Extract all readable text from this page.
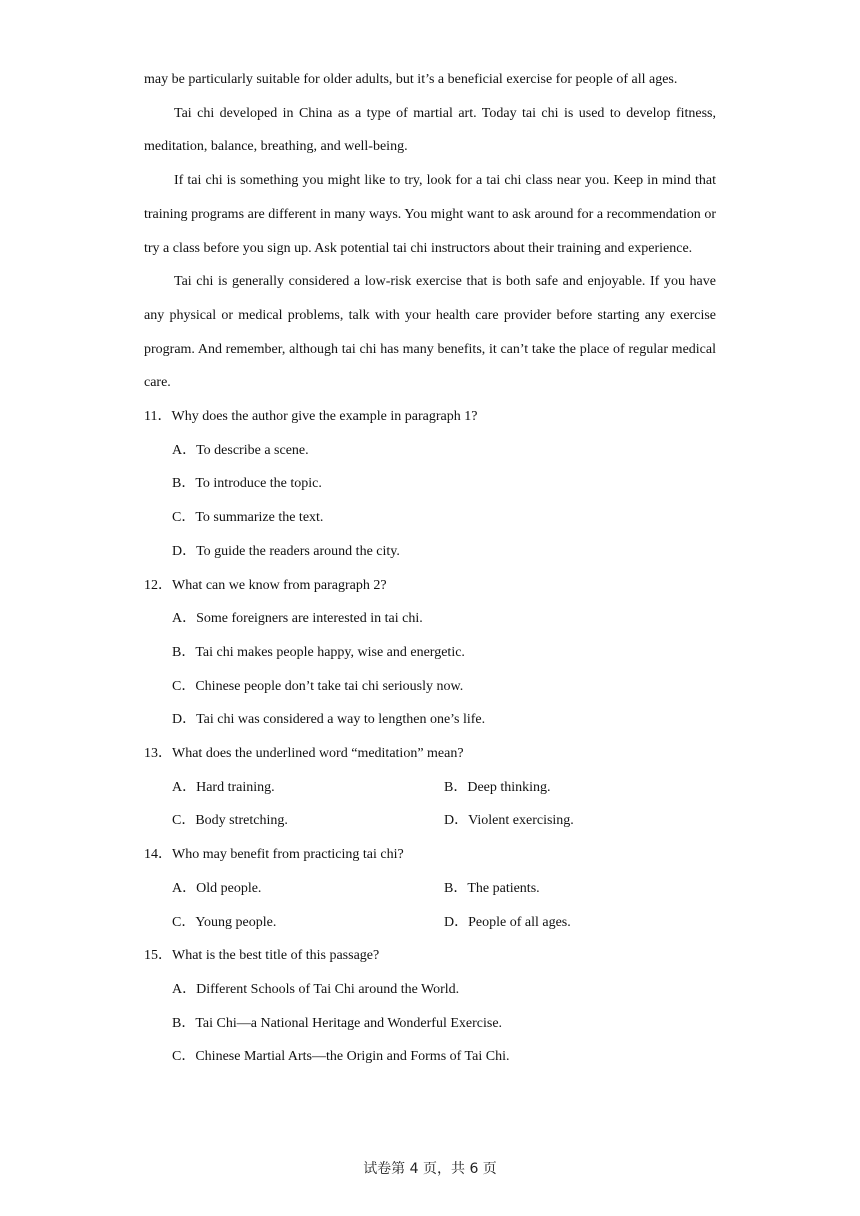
may be particularly suitable for older adults, but it’s a beneficial exercise for people of all ages.

Tai chi developed in China as a type of martial art. Today tai chi is used to develop fitness, meditation, balance, breathing, and well-being.

If tai chi is something you might like to try, look for a tai chi class near you. Keep in mind that training programs are different in many ways. You might want to ask around for a recommendation or try a class before you sign up. Ask potential tai chi instructors about their training and experience.

Tai chi is generally considered a low-risk exercise that is both safe and enjoyable. If you have any physical or medical problems, talk with your health care provider before starting any exercise program. And remember, although tai chi has many benefits, it can’t take the place of regular medical care.

11．Why does the author give the example in paragraph 1?

A．To describe a scene.

B．To introduce the topic.

C．To summarize the text.

D．To guide the readers around the city.

12．What can we know from paragraph 2?

A．Some foreigners are interested in tai chi.

B．Tai chi makes people happy, wise and energetic.

C．Chinese people don’t take tai chi seriously now.

D．Tai chi was considered a way to lengthen one’s life.

13．What does the underlined word “meditation” mean?

A．Hard training.	B．Deep thinking.
C．Body stretching.	D．Violent exercising.

14．Who may benefit from practicing tai chi?

A．Old people.	B．The patients.
C．Young people.	D．People of all ages.

15．What is the best title of this passage?

A．Different Schools of Tai Chi around the World.

B．Tai Chi—a National Heritage and Wonderful Exercise.

C．Chinese Martial Arts—the Origin and Forms of Tai Chi.

试卷第 4 页，共 6 页
